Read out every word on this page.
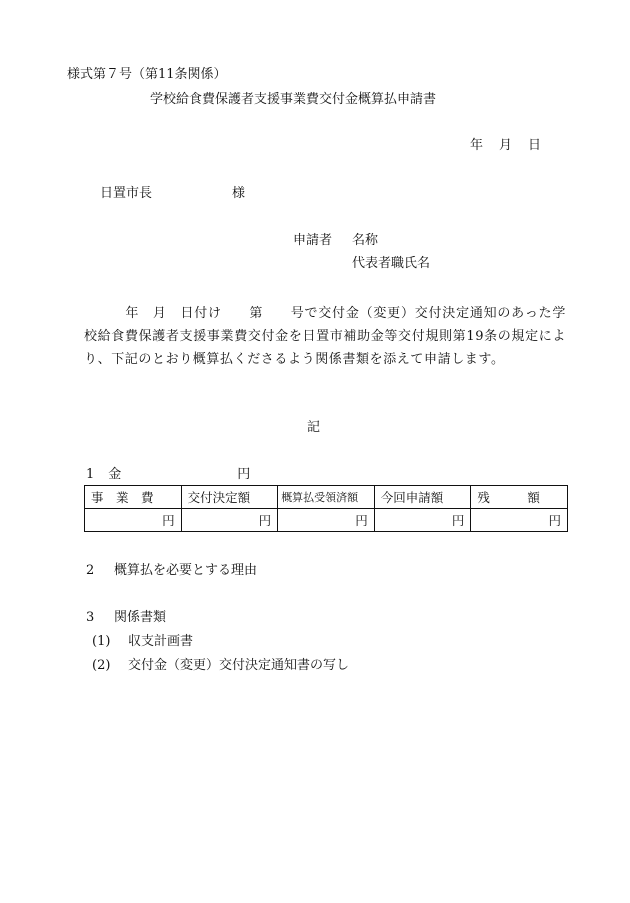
様式第７号（第11条関係）
学校給食費保護者支援事業費交付金概算払申請書
年 月 日
日置市長	様
申請者 名称
代表者職氏名
　　　年　月　日付け　　第　　号で交付金（変更）交付決定通知のあった学校給食費保護者支援事業費交付金を日置市補助金等交付規則第19条の規定により、下記のとおり概算払くださるよう関係書類を添えて申請します。
記
1 金	円
事　業　費	交付決定額	概算払受領済額	今回申請額	残　　　額
円	円	円	円	円
2 概算払を必要とする理由
3 関係書類
(1) 収支計画書
(2) 交付金（変更）交付決定通知書の写し
